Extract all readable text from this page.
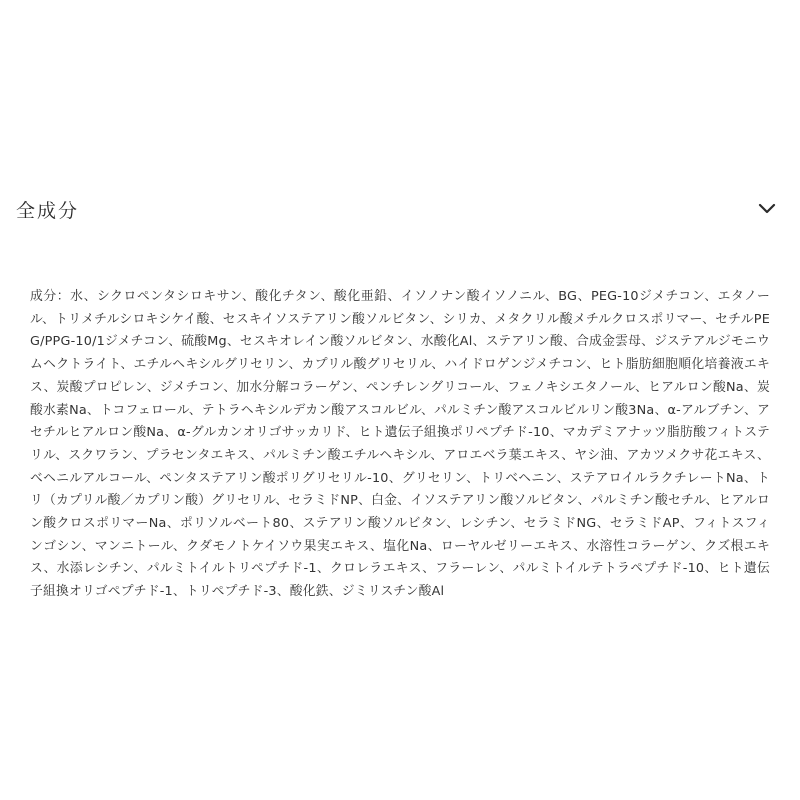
全成分

成分：水、シクロペンタシロキサン、酸化チタン、酸化亜鉛、イソノナン酸イソノニル、BG、PEG-10ジメチコン、エタノール、トリメチルシロキシケイ酸、セスキイソステアリン酸ソルビタン、シリカ、メタクリル酸メチルクロスポリマー、セチルPEG/PPG-10/1ジメチコン、硫酸Mg、セスキオレイン酸ソルビタン、水酸化Al、ステアリン酸、合成金雲母、ジステアルジモニウムヘクトライト、エチルヘキシルグリセリン、カプリル酸グリセリル、ハイドロゲンジメチコン、ヒト脂肪細胞順化培養液エキス、炭酸プロピレン、ジメチコン、加水分解コラーゲン、ペンチレングリコール、フェノキシエタノール、ヒアルロン酸Na、炭酸水素Na、トコフェロール、テトラヘキシルデカン酸アスコルビル、パルミチン酸アスコルビルリン酸3Na、α-アルブチン、アセチルヒアルロン酸Na、α-グルカンオリゴサッカリド、ヒト遺伝子組換ポリペプチド-10、マカデミアナッツ脂肪酸フィトステリル、スクワラン、プラセンタエキス、パルミチン酸エチルヘキシル、アロエベラ葉エキス、ヤシ油、アカツメクサ花エキス、ベヘニルアルコール、ペンタステアリン酸ポリグリセリル-10、グリセリン、トリベヘニン、ステアロイルラクチレートNa、トリ（カプリル酸／カプリン酸）グリセリル、セラミドNP、白金、イソステアリン酸ソルビタン、パルミチン酸セチル、ヒアルロン酸クロスポリマーNa、ポリソルベート80、ステアリン酸ソルビタン、レシチン、セラミドNG、セラミドAP、フィトスフィンゴシン、マンニトール、クダモノトケイソウ果実エキス、塩化Na、ローヤルゼリーエキス、水溶性コラーゲン、クズ根エキス、水添レシチン、パルミトイルトリペプチド-1、クロレラエキス、フラーレン、パルミトイルテトラペプチド-10、ヒト遺伝子組換オリゴペプチド-1、トリペプチド-3、酸化鉄、ジミリスチン酸Al
